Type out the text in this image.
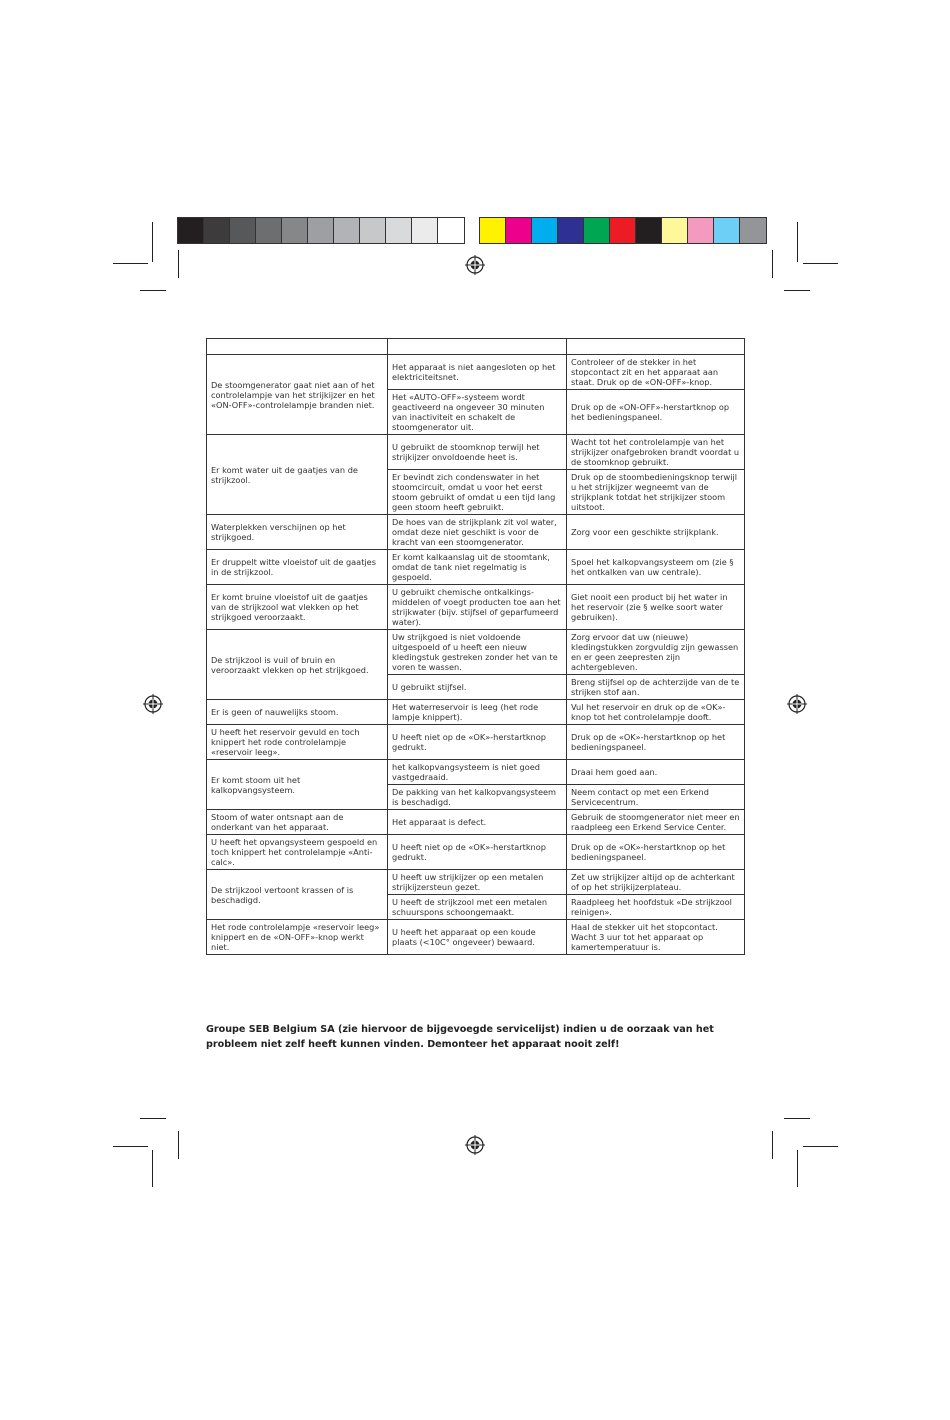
De stoomgenerator gaat niet aan of het controlelampje van het strijkijzer en het «ON-OFF»-controlelampje branden niet.	Het apparaat is niet aangesloten op het elektriciteitsnet.	Controleer of de stekker in het stopcontact zit en het apparaat aan staat. Druk op de «ON-OFF»-knop.
	Het «AUTO-OFF»-systeem wordt geactiveerd na ongeveer 30 minuten van inactiviteit en schakelt de stoomgenerator uit.	Druk op de «ON-OFF»-herstartknop op het bedieningspaneel.
Er komt water uit de gaatjes van de strijkzool.	U gebruikt de stoomknop terwijl het strijkijzer onvoldoende heet is.	Wacht tot het controlelampje van het strijkijzer onafgebroken brandt voordat u de stoomknop gebruikt.
	Er bevindt zich condenswater in het stoomcircuit, omdat u voor het eerst stoom gebruikt of omdat u een tijd lang geen stoom heeft gebruikt.	Druk op de stoombedieningsknop terwijl u het strijkijzer wegneemt van de strijkplank totdat het strijkijzer stoom uitstoot.
Waterplekken verschijnen op het strijkgoed.	De hoes van de strijkplank zit vol water, omdat deze niet geschikt is voor de kracht van een stoomgenerator.	Zorg voor een geschikte strijkplank.
Er druppelt witte vloeistof uit de gaatjes in de strijkzool.	Er komt kalkaanslag uit de stoomtank, omdat de tank niet regelmatig is gespoeld.	Spoel het kalkopvangsysteem om (zie § het ontkalken van uw centrale).
Er komt bruine vloeistof uit de gaatjes van de strijkzool wat vlekken op het strijkgoed veroorzaakt.	U gebruikt chemische ontkalkings-middelen of voegt producten toe aan het strijkwater (bijv. stijfsel of geparfumeerd water).	Giet nooit een product bij het water in het reservoir (zie § welke soort water gebruiken).
De strijkzool is vuil of bruin en veroorzaakt vlekken op het strijkgoed.	Uw strijkgoed is niet voldoende uitgespoeld of u heeft een nieuw kledingstuk gestreken zonder het van te voren te wassen.	Zorg ervoor dat uw (nieuwe) kledingstukken zorgvuldig zijn gewassen en er geen zeepresten zijn achtergebleven.
	U gebruikt stijfsel.	Breng stijfsel op de achterzijde van de te strijken stof aan.
Er is geen of nauwelijks stoom.	Het waterreservoir is leeg (het rode lampje knippert).	Vul het reservoir en druk op de «OK»-knop tot het controlelampje dooft.
U heeft het reservoir gevuld en toch knippert het rode controlelampje «reservoir leeg».	U heeft niet op de «OK»-herstartknop gedrukt.	Druk op de «OK»-herstartknop op het bedieningspaneel.
Er komt stoom uit het kalkopvangsysteem.	het kalkopvangsysteem is niet goed vastgedraaid.	Draai hem goed aan.
	De pakking van het kalkopvangsysteem is beschadigd.	Neem contact op met een Erkend Servicecentrum.
Stoom of water ontsnapt aan de onderkant van het apparaat.	Het apparaat is defect.	Gebruik de stoomgenerator niet meer en raadpleeg een Erkend Service Center.
U heeft het opvangsysteem gespoeld en toch knippert het controlelampje «Anti-calc».	U heeft niet op de «OK»-herstartknop gedrukt.	Druk op de «OK»-herstartknop op het bedieningspaneel.
De strijkzool vertoont krassen of is beschadigd.	U heeft uw strijkijzer op een metalen strijkijzersteun gezet.	Zet uw strijkijzer altijd op de achterkant of op het strijkijzerplateau.
	U heeft de strijkzool met een metalen schuurspons schoongemaakt.	Raadpleeg het hoofdstuk «De strijkzool reinigen».
Het rode controlelampje «reservoir leeg» knippert en de «ON-OFF»-knop werkt niet.	U heeft het apparaat op een koude plaats (<10C° ongeveer) bewaard.	Haal de stekker uit het stopcontact. Wacht 3 uur tot het apparaat op kamertemperatuur is.
Groupe SEB Belgium SA (zie hiervoor de bijgevoegde servicelijst) indien u de oorzaak van het probleem niet zelf heeft kunnen vinden. Demonteer het apparaat nooit zelf!
